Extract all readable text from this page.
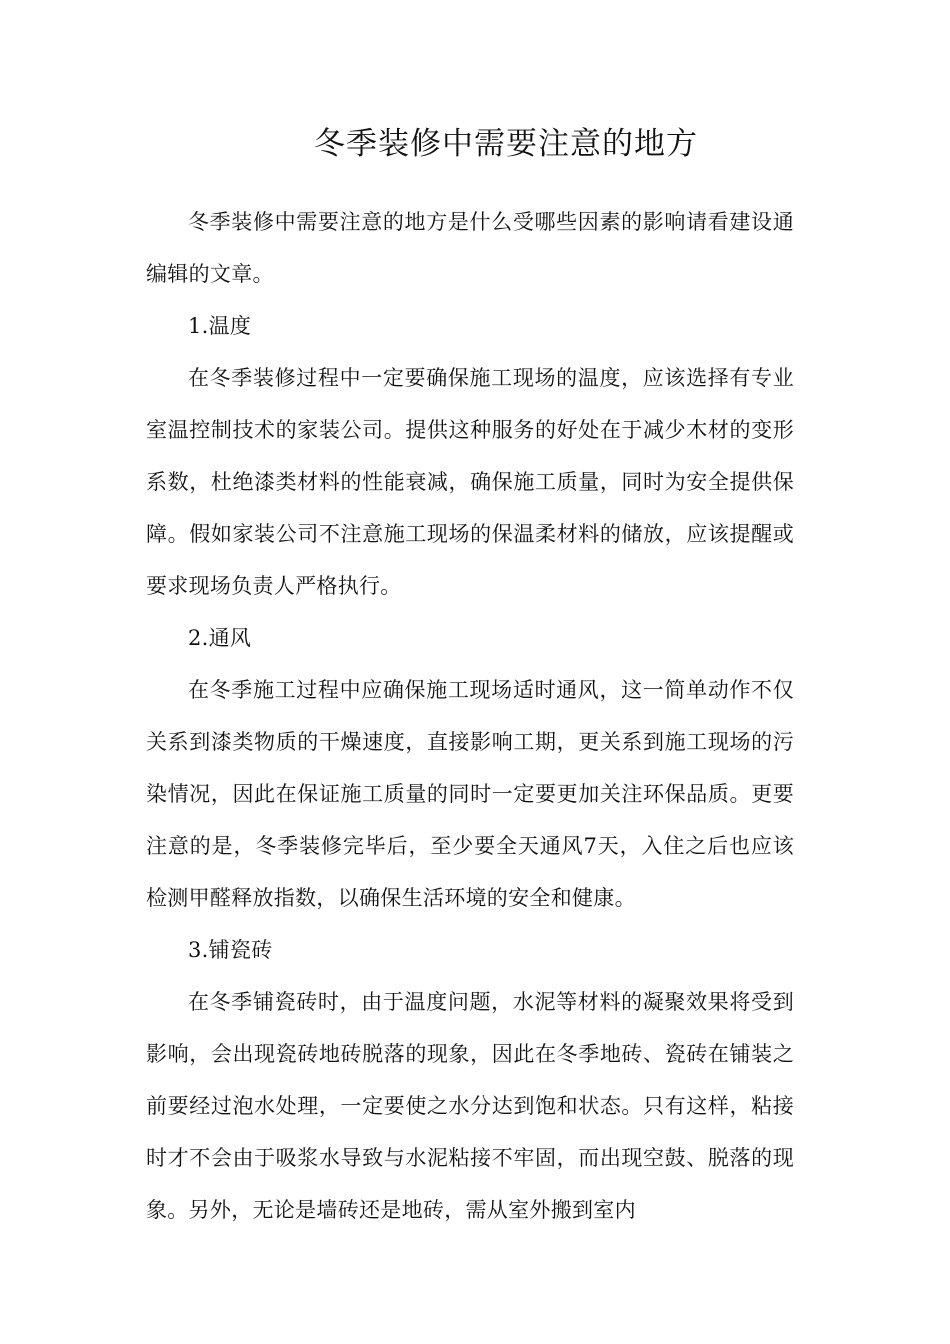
冬季装修中需要注意的地方

冬季装修中需要注意的地方是什么受哪些因素的影响请看建设通编辑的文章。

1.温度

在冬季装修过程中一定要确保施工现场的温度，应该选择有专业室温控制技术的家装公司。提供这种服务的好处在于减少木材的变形系数，杜绝漆类材料的性能衰减，确保施工质量，同时为安全提供保障。假如家装公司不注意施工现场的保温柔材料的储放，应该提醒或要求现场负责人严格执行。

2.通风

在冬季施工过程中应确保施工现场适时通风，这一简单动作不仅关系到漆类物质的干燥速度，直接影响工期，更关系到施工现场的污染情况，因此在保证施工质量的同时一定要更加关注环保品质。更要注意的是，冬季装修完毕后，至少要全天通风7天，入住之后也应该检测甲醛释放指数，以确保生活环境的安全和健康。

3.铺瓷砖

在冬季铺瓷砖时，由于温度问题，水泥等材料的凝聚效果将受到影响，会出现瓷砖地砖脱落的现象，因此在冬季地砖、瓷砖在铺装之前要经过泡水处理，一定要使之水分达到饱和状态。只有这样，粘接时才不会由于吸浆水导致与水泥粘接不牢固，而出现空鼓、脱落的现象。另外，无论是墙砖还是地砖，需从室外搬到室内
